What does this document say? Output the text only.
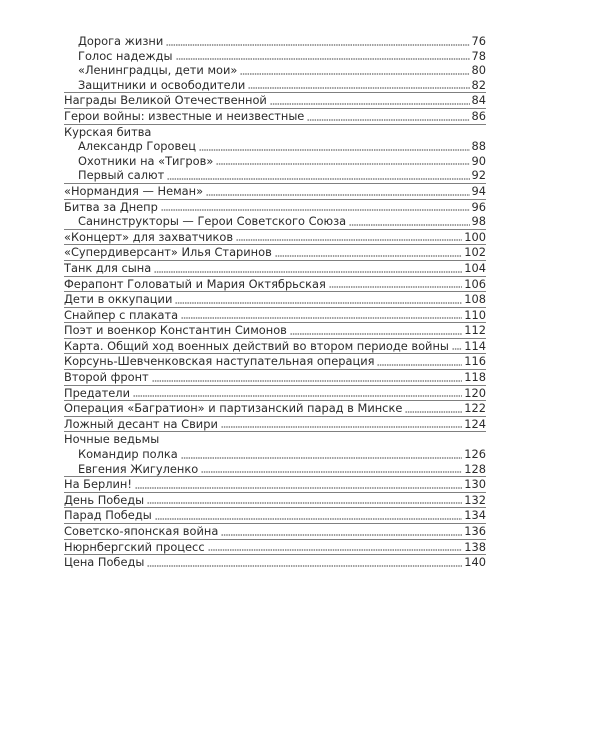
Дорога жизни	76
Голос надежды	78
«Ленинградцы, дети мои»	80
Защитники и освободители	82
Награды Великой Отечественной	84
Герои войны: известные и неизвестные	86
Курская битва
Александр Горовец	88
Охотники на «Тигров»	90
Первый салют	92
«Нормандия — Неман»	94
Битва за Днепр	96
Санинструкторы — Герои Советского Союза	98
«Концерт» для захватчиков	100
«Супердиверсант» Илья Старинов	102
Танк для сына	104
Ферапонт Головатый и Мария Октябрьская	106
Дети в оккупации	108
Снайпер с плаката	110
Поэт и военкор Константин Симонов	112
Карта. Общий ход военных действий во втором периоде войны 114
Корсунь-Шевченковская наступательная операция	116
Второй фронт	118
Предатели	120
Операция «Багратион» и партизанский парад в Минске	122
Ложный десант на Свири	124
Ночные ведьмы
Командир полка	126
Евгения Жигуленко	128
На Берлин!	130
День Победы	132
Парад Победы	134
Советско-японская война	136
Нюрнбергский процесс	138
Цена Победы	140
